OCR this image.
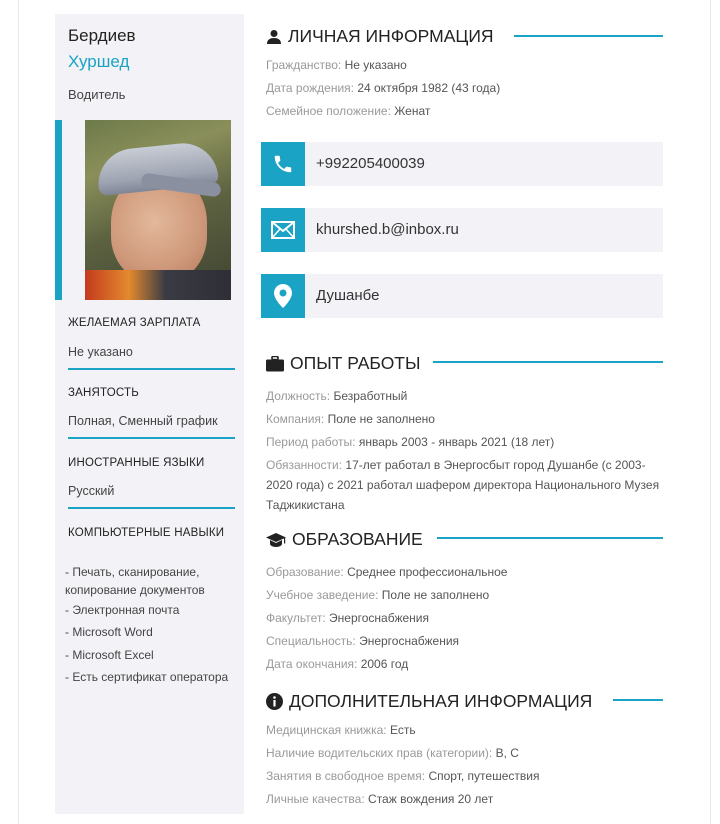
Бердиев
Хуршед
Водитель
ЖЕЛАЕМАЯ ЗАРПЛАТА
Не указано
ЗАНЯТОСТЬ
Полная, Сменный график
ИНОСТРАННЫЕ ЯЗЫКИ
Русский
КОМПЬЮТЕРНЫЕ НАВЫКИ
- Печать, сканирование, копирование документов
- Электронная почта
- Microsoft Word
- Microsoft Excel
- Есть сертификат оператора
ЛИЧНАЯ ИНФОРМАЦИЯ
Гражданство: Не указано
Дата рождения: 24 октября 1982 (43 года)
Семейное положение: Женат
+992205400039
khurshed.b@inbox.ru
Душанбе
ОПЫТ РАБОТЫ
Должность: Безработный
Компания: Поле не заполнено
Период работы: январь 2003 - январь 2021 (18 лет)
Обязанности: 17-лет работал в Энергосбыт город Душанбе (с 2003-2020 года) с 2021 работал шафером директора Национального Музея Таджикистана
ОБРАЗОВАНИЕ
Образование: Среднее профессиональное
Учебное заведение: Поле не заполнено
Факультет: Энергоснабжения
Специальность: Энергоснабжения
Дата окончания: 2006 год
ДОПОЛНИТЕЛЬНАЯ ИНФОРМАЦИЯ
Медицинская книжка: Есть
Наличие водительских прав (категории): B, C
Занятия в свободное время: Спорт, путешествия
Личные качества: Стаж вождения 20 лет
